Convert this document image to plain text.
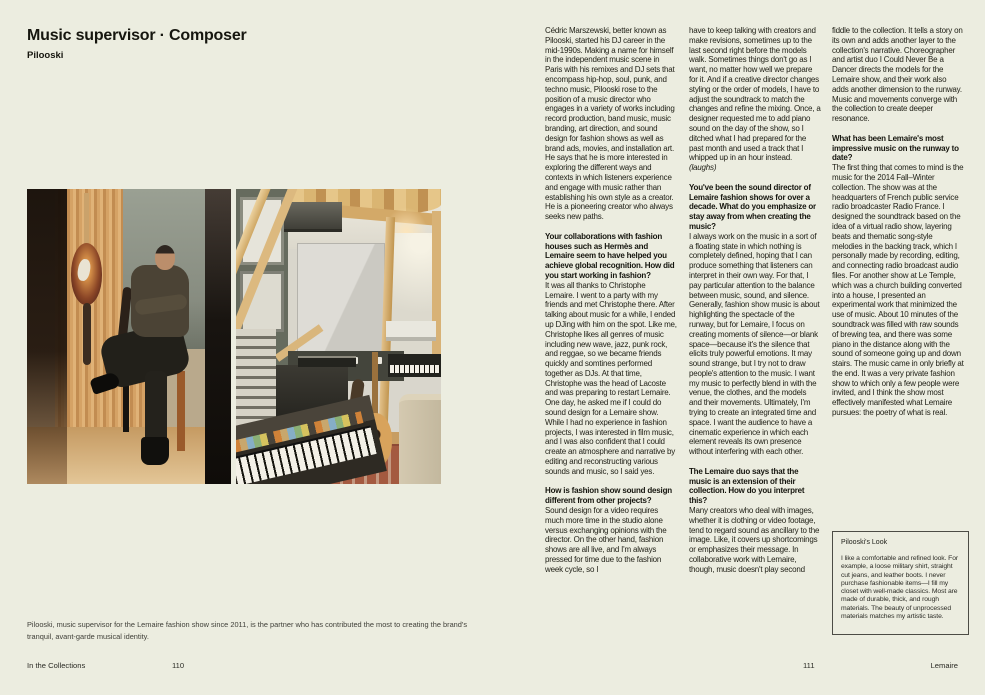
Music supervisor · Composer
Pilooski

Pilooski, music supervisor for the Lemaire fashion show since 2011, is the partner who has contributed the most to creating the brand's tranquil, avant-garde musical identity.

In the Collections	110

Cédric Marszewski, better known as Pilooski, started his DJ career in the mid-1990s. Making a name for himself in the independent music scene in Paris with his remixes and DJ sets that encompass hip-hop, soul, punk, and techno music, Pilooski rose to the position of a music director who engages in a variety of works including record production, band music, music branding, art direction, and sound design for fashion shows as well as brand ads, movies, and installation art. He says that he is more interested in exploring the different ways and contexts in which listeners experience and engage with music rather than establishing his own style as a creator. He is a pioneering creator who always seeks new paths.

Your collaborations with fashion houses such as Hermès and Lemaire seem to have helped you achieve global recognition. How did you start working in fashion?

It was all thanks to Christophe Lemaire. I went to a party with my friends and met Christophe there. After talking about music for a while, I ended up DJing with him on the spot. Like me, Christophe likes all genres of music including new wave, jazz, punk rock, and reggae, so we became friends quickly and somtines performed together as DJs. At that time, Christophe was the head of Lacoste and was preparing to restart Lemaire. One day, he asked me if I could do sound design for a Lemaire show. While I had no experience in fashion projects, I was interested in film music, and I was also confident that I could create an atmosphere and narrative by editing and reconstructing various sounds and music, so I said yes.

How is fashion show sound design different from other projects?

Sound design for a video requires much more time in the studio alone versus exchanging opinions with the director. On the other hand, fashion shows are all live, and I'm always pressed for time due to the fashion week cycle, so I

have to keep talking with creators and make revisions, sometimes up to the last second right before the models walk. Sometimes things don't go as I want, no matter how well we prepare for it. And if a creative director changes styling or the order of models, I have to adjust the soundtrack to match the changes and refine the mixing. Once, a designer requested me to add piano sound on the day of the show, so I ditched what I had prepared for the past month and used a track that I whipped up in an hour instead. (laughs)

You've been the sound director of Lemaire fashion shows for over a decade. What do you emphasize or stay away from when creating the music?

I always work on the music in a sort of a floating state in which nothing is completely defined, hoping that I can produce something that listeners can interpret in their own way. For that, I pay particular attention to the balance between music, sound, and silence. Generally, fashion show music is about highlighting the spectacle of the runway, but for Lemaire, I focus on creating moments of silence—or blank space—because it's the silence that elicits truly powerful emotions. It may sound strange, but I try not to draw people's attention to the music. I want my music to perfectly blend in with the venue, the clothes, and the models and their movements. Ultimately, I'm trying to create an integrated time and space. I want the audience to have a cinematic experience in which each element reveals its own presence without interfering with each other.

The Lemaire duo says that the music is an extension of their collection. How do you interpret this?

Many creators who deal with images, whether it is clothing or video footage, tend to regard sound as ancillary to the image. Like, it covers up shortcomings or emphasizes their message. In collaborative work with Lemaire, though, music doesn't play second

fiddle to the collection. It tells a story on its own and adds another layer to the collection's narrative. Choreographer and artist duo I Could Never Be a Dancer directs the models for the Lemaire show, and their work also adds another dimension to the runway. Music and movements converge with the collection to create deeper resonance.

What has been Lemaire's most impressive music on the runway to date?

The first thing that comes to mind is the music for the 2014 Fall–Winter collection. The show was at the headquarters of French public service radio broadcaster Radio France. I designed the soundtrack based on the idea of a virtual radio show, layering beats and thematic song-style melodies in the backing track, which I personally made by recording, editing, and connecting radio broadcast audio files. For another show at Le Temple, which was a church building converted into a house, I presented an experimental work that minimized the use of music. About 10 minutes of the soundtrack was filled with raw sounds of brewing tea, and there was some piano in the distance along with the sound of someone going up and down stairs. The music came in only briefly at the end. It was a very private fashion show to which only a few people were invited, and I think the show most effectively manifested what Lemaire pursues: the poetry of what is real.

Pilooski's Look

I like a comfortable and refined look. For example, a loose military shirt, straight cut jeans, and leather boots. I never purchase fashionable items—I fill my closet with well-made classics. Most are made of durable, thick, and rough materials. The beauty of unprocessed materials matches my artistic taste.

111	Lemaire
